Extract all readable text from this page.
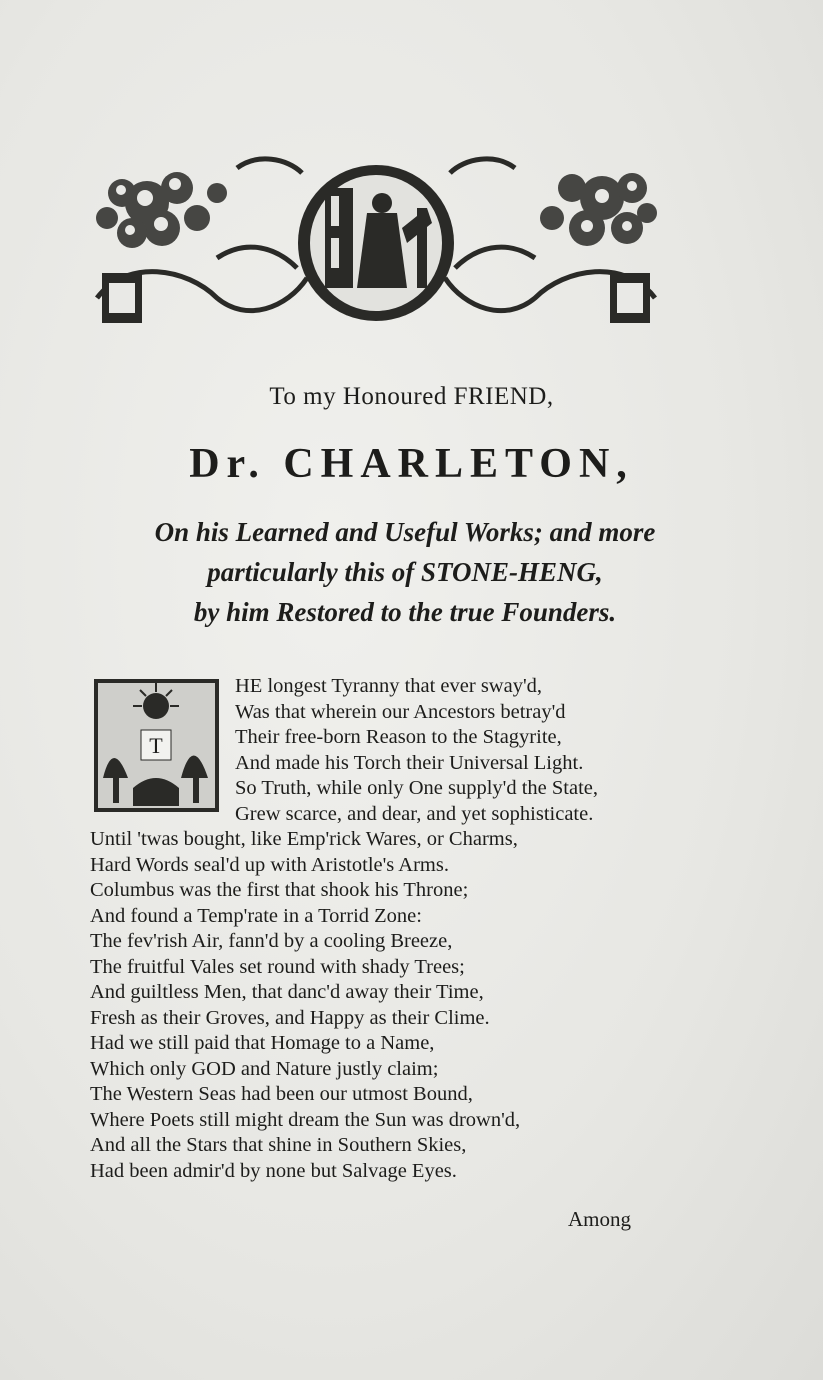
To my Honoured FRIEND,
Dr. CHARLETON,
On his Learned and Useful Works; and more
particularly this of STONE-HENG,
by him Restored to the true Founders.
T
HE longest Tyranny that ever sway'd,
Was that wherein our Ancestors betray'd
Their free-born Reason to the Stagyrite,
And made his Torch their Universal Light.
So Truth, while only One supply'd the State,
Grew scarce, and dear, and yet sophisticate.
Until 'twas bought, like Emp'rick Wares, or Charms,
Hard Words seal'd up with Aristotle's Arms.
Columbus was the first that shook his Throne;
And found a Temp'rate in a Torrid Zone:
The fev'rish Air, fann'd by a cooling Breeze,
The fruitful Vales set round with shady Trees;
And guiltless Men, that danc'd away their Time,
Fresh as their Groves, and Happy as their Clime.
Had we still paid that Homage to a Name,
Which only GOD and Nature justly claim;
The Western Seas had been our utmost Bound,
Where Poets still might dream the Sun was drown'd,
And all the Stars that shine in Southern Skies,
Had been admir'd by none but Salvage Eyes.
Among
